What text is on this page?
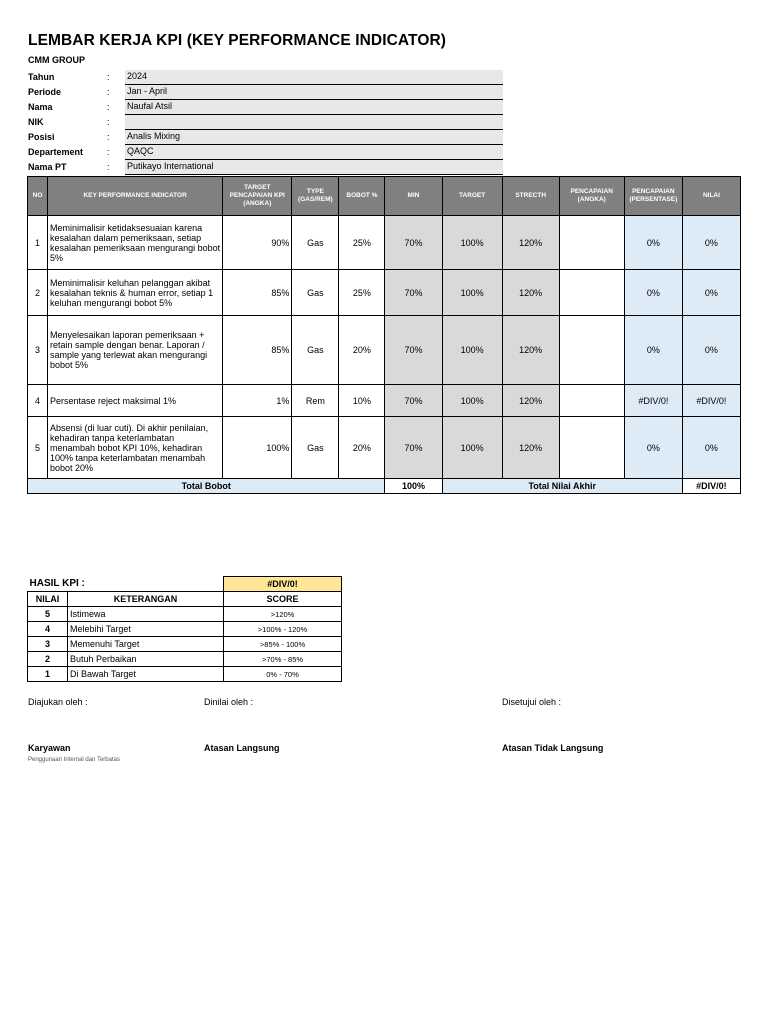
LEMBAR KERJA KPI (KEY PERFORMANCE INDICATOR)
CMM GROUP
Tahun	: 2024
Periode	: Jan - April
Nama	: Naufal Atsil
NIK	:
Posisi	: Analis Mixing
Departement	: QAQC
Nama PT	: Putikayo International
NO	KEY PERFORMANCE INDICATOR	TARGET PENCAPAIAN KPI (ANGKA)	TYPE (GAS/REM)	BOBOT %	MIN	TARGET	STRECTH	PENCAPAIAN (ANGKA)	PENCAPAIAN (PERSENTASE)	NILAI
1	Meminimalisir ketidaksesuaian karena kesalahan dalam pemeriksaan, setiap kesalahan pemeriksaan mengurangi bobot 5%	90%	Gas	25%	70%	100%	120%		0%	0%
2	Meminimalisir keluhan pelanggan akibat kesalahan teknis & human error, setiap 1 keluhan mengurangi bobot 5%	85%	Gas	25%	70%	100%	120%		0%	0%
3	Menyelesaikan laporan pemeriksaan + retain sample dengan benar. Laporan / sample yang terlewat akan mengurangi bobot 5%	85%	Gas	20%	70%	100%	120%		0%	0%
4	Persentase reject maksimal 1%	1%	Rem	10%	70%	100%	120%		#DIV/0!	#DIV/0!
5	Absensi (di luar cuti). Di akhir penilaian, kehadiran tanpa keterlambatan menambah bobot KPI 10%, kehadiran 100% tanpa keterlambatan menambah bobot 20%	100%	Gas	20%	70%	100%	120%		0%	0%
Total Bobot					100%	Total Nilai Akhir				#DIV/0!
HASIL KPI :		#DIV/0!
NILAI	KETERANGAN	SCORE
5	Istimewa	>120%
4	Melebihi Target	>100% - 120%
3	Memenuhi Target	>85% - 100%
2	Butuh Perbaikan	>70% - 85%
1	Di Bawah Target	0% - 70%
Diajukan oleh :	Dinilai oleh :	Disetujui oleh :
Karyawan	Atasan Langsung	Atasan Tidak Langsung
Penggunaan Internal dan Terbatas
